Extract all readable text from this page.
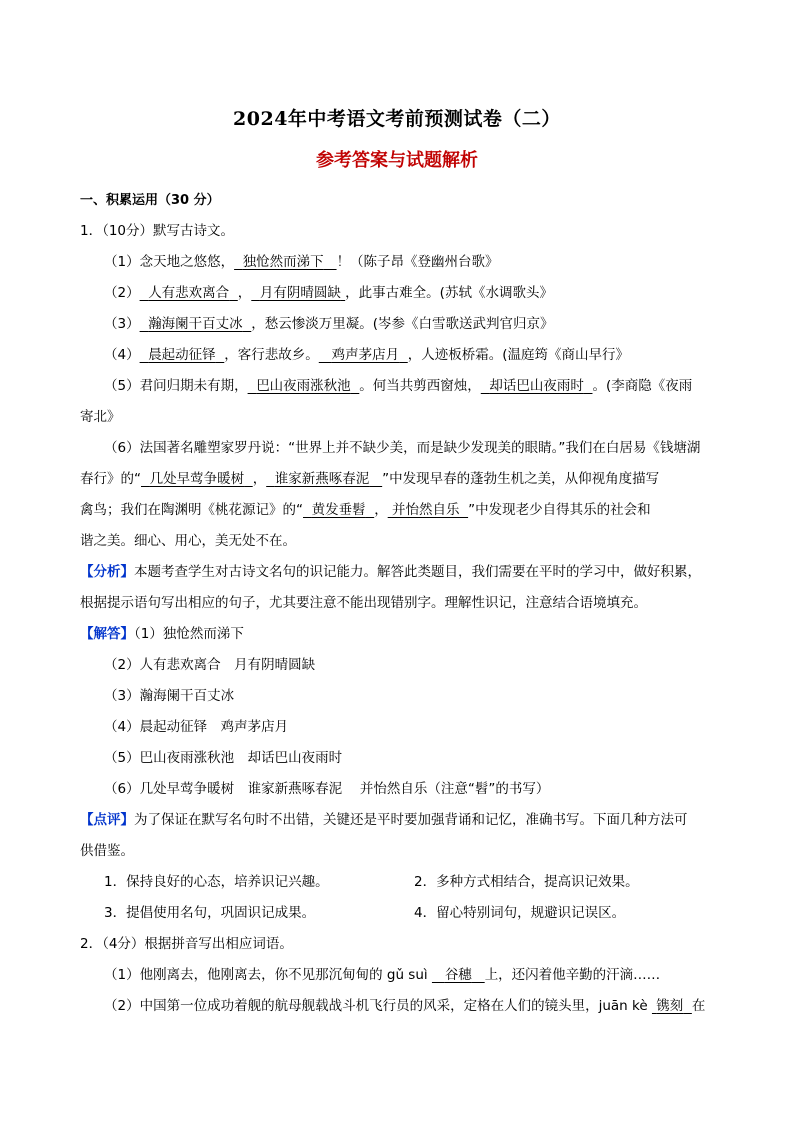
2024年中考语文考前预测试卷（二）
参考答案与试题解析
一、积累运用（30 分）
1．（10分）默写古诗文。
（1）念天地之悠悠， 独怆然而涕下 ！（陈子昂《登幽州台歌》
（2） 人有悲欢离合 ， 月有阴晴圆缺 ，此事古难全。(苏轼《水调歌头》
（3） 瀚海阑干百丈冰 ，愁云惨淡万里凝。(岑参《白雪歌送武判官归京》
（4） 晨起动征铎 ，客行悲故乡。 鸡声茅店月 ，人迹板桥霜。(温庭筠《商山早行》
（5）君问归期未有期， 巴山夜雨涨秋池 。何当共剪西窗烛， 却话巴山夜雨时 。(李商隐《夜雨
寄北》
（6）法国著名雕塑家罗丹说：“世界上并不缺少美，而是缺少发现美的眼睛。”我们在白居易《钱塘湖
春行》的“ 几处早莺争暖树 ， 谁家新燕啄春泥 ”中发现早春的蓬勃生机之美，从仰视角度描写
禽鸟；我们在陶渊明《桃花源记》的“ 黄发垂髫 ， 并怡然自乐 ”中发现老少自得其乐的社会和
谐之美。细心、用心，美无处不在。
【分析】本题考查学生对古诗文名句的识记能力。解答此类题目，我们需要在平时的学习中，做好积累，
根据提示语句写出相应的句子，尤其要注意不能出现错别字。理解性识记，注意结合语境填充。
【解答】（1）独怆然而涕下
（2）人有悲欢离合　月有阴晴圆缺
（3）瀚海阑干百丈冰
（4）晨起动征铎　鸡声茅店月
（5）巴山夜雨涨秋池　却话巴山夜雨时
（6）几处早莺争暖树　谁家新燕啄春泥　 并怡然自乐（注意“髫”的书写）
【点评】为了保证在默写名句时不出错，关键还是平时要加强背诵和记忆，准确书写。下面几种方法可
供借鉴。
1．保持良好的心态，培养识记兴趣。	2．多种方式相结合，提高识记效果。
3．提倡使用名句，巩固识记成果。	4．留心特别词句，规避识记误区。
2．（4分）根据拼音写出相应词语。
（1）他刚离去，他刚离去，你不见那沉甸甸的 gǔ suì    谷穗 上，还闪着他辛勤的汗滴……
（2）中国第一位成功着舰的航母舰载战斗机飞行员的风采，定格在人们的镜头里，juān kè  镌刻 在
